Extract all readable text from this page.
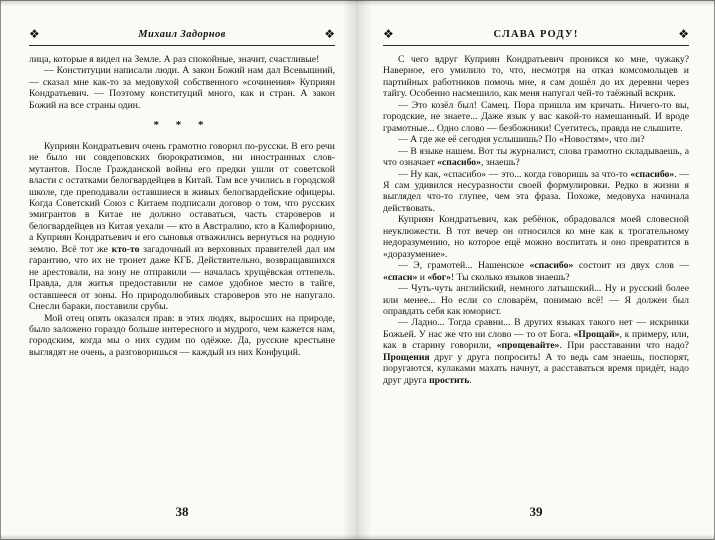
❖	Михаил Задорнов	❖

лица, которые я видел на Земле. А раз спокойные, значит, счастливые!

— Конституции написали люди. А закон Божий нам дал Всевышний, — сказал мне как-то за медовухой собственного «сочинения» Куприян Кондратьевич. — Поэтому конституций много, как и стран. А закон Божий на все страны один.

* * *

Куприян Кондратьевич очень грамотно говорил по-русски. В его речи не было ни совдеповских бюрократизмов, ни иностранных слов-мутантов. После Гражданской войны его предки ушли от советской власти с остатками белогвардейцев в Китай. Там все учились в городской школе, где преподавали оставшиеся в живых белогвардейские офицеры. Когда Советский Союз с Китаем подписали договор о том, что русских эмигрантов в Китае не должно оставаться, часть староверов и белогвардейцев из Китая уехали — кто в Австралию, кто в Калифорнию, а Куприян Кондратьевич и его сыновья отважились вернуться на родную землю. Всё тот же кто-то загадочный из верховных правителей дал им гарантию, что их не тронет даже КГБ. Действительно, возвращавшихся не арестовали, на зону не отправили — началась хрущёвская оттепель. Правда, для житья предоставили не самое удобное место в тайге, оставшееся от зоны. Но природолюбивых староверов это не напугало. Снесли бараки, поставили срубы.

Мой отец опять оказался прав: в этих людях, выросших на природе, было заложено гораздо больше интересного и мудрого, чем кажется нам, городским, когда мы о них судим по одёжке. Да, русские крестьяне выглядят не очень, а разговоришься — каждый из них Конфуций.

38
❖	СЛАВА РОДУ!	❖

С чего вдруг Куприян Кондратьевич проникся ко мне, чужаку? Наверное, его умилило то, что, несмотря на отказ комсомольцев и партийных работников помочь мне, я сам дошёл до их деревни через тайгу. Особенно насмешило, как меня напугал чей-то таёжный вскрик.

— Это козёл был! Самец. Пора пришла им кричать. Ничего-то вы, городские, не знаете... Даже язык у вас какой-то намешанный. И вроде грамотные... Одно слово — безбожники! Суетитесь, правда не слышите.

— А где же её сегодня услышишь? По «Новостям», что ли?

— В языке нашем. Вот ты журналист, слова грамотно складываешь, а что означает «спасибо», знаешь?

— Ну как, «спасибо» — это... когда говоришь за что-то «спасибо». — Я сам удивился несуразности своей формулировки. Редко в жизни я выглядел что-то глупее, чем эта фраза. Похоже, медовуха начинала действовать.

Куприян Кондратьевич, как ребёнок, обрадовался моей словесной неуклюжести. В тот вечер он относился ко мне как к трогательному недоразумению, но которое ещё можно воспитать и оно превратится в «доразумение».

— Э, грамотей... Нашенское «спасибо» состоит из двух слов — «спаси» и «бог»! Ты сколько языков знаешь?

— Чуть-чуть английский, немного латышский... Ну и русский более или менее... Но если со словарём, понимаю всё! — Я должен был оправдать себя как юморист.

— Ладно... Тогда сравни... В других языках такого нет — искринки Божьей. У нас же что ни слово — то от Бога. «Прощай», к примеру, или, как в старину говорили, «прощевайте». При расставании что надо? Прощения друг у друга попросить! А то ведь сам знаешь, поспорят, поругаются, кулаками махать начнут, а расставаться время придёт, надо друг друга простить.

39
